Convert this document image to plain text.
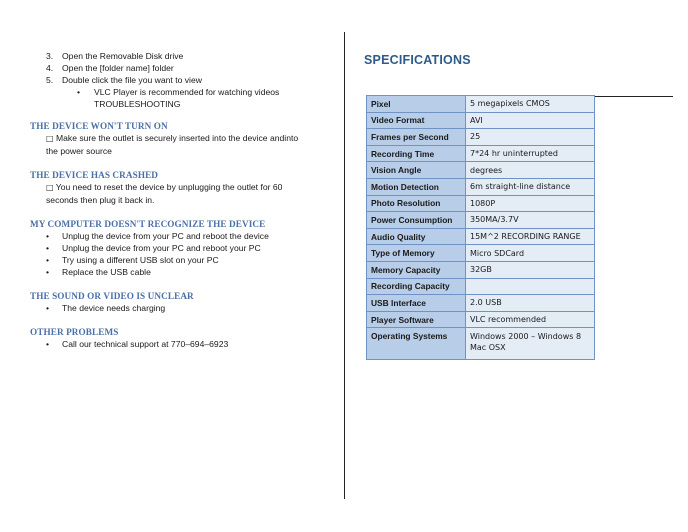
3. Open the Removable Disk drive
4. Open the [folder name] folder
5. Double click the file you want to view
• VLC Player is recommended for watching videos
TROUBLESHOOTING

THE DEVICE WON'T TURN ON

□ Make sure the outlet is securely inserted into the device andinto

the power source

THE DEVICE HAS CRASHED

□ You need to reset the device by unplugging the outlet for 60

seconds then plug it back in.

MY COMPUTER DOESN'T RECOGNIZE THE DEVICE

• Unplug the device from your PC and reboot the device
• Unplug the device from your PC and reboot your PC
• Try using a different USB slot on your PC
• Replace the USB cable

THE SOUND OR VIDEO IS UNCLEAR

• The device needs charging

OTHER PROBLEMS

• Call our technical support at 770–694–6923
SPECIFICATIONS
Pixel	5 megapixels CMOS
Video Format	AVI
Frames per Second	25
Recording Time	7*24 hr uninterrupted
Vision Angle	degrees
Motion Detection	6m straight-line distance
Photo Resolution	1080P
Power Consumption	350MA/3.7V
Audio Quality	15M^2 RECORDING RANGE
Type of Memory	Micro SDCard
Memory Capacity	32GB
Recording Capacity	
USB Interface	2.0 USB
Player Software	VLC recommended
Operating Systems	Windows 2000 – Windows 8
Mac OSX
